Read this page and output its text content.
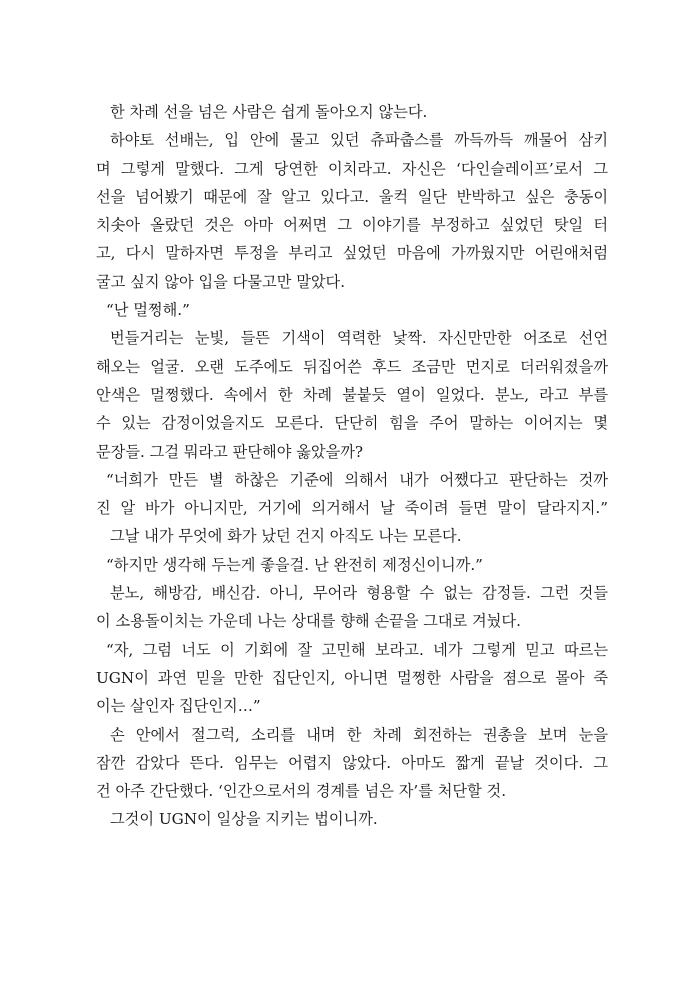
한 차례 선을 넘은 사람은 쉽게 돌아오지 않는다.
하야토 선배는, 입 안에 물고 있던 츄파춥스를 까득까득 깨물어 삼키
며 그렇게 말했다. 그게 당연한 이치라고. 자신은 ‘다인슬레이프’로서 그
선을 넘어봤기 때문에 잘 알고 있다고. 울컥 일단 반박하고 싶은 충동이
치솟아 올랐던 것은 아마 어쩌면 그 이야기를 부정하고 싶었던 탓일 터
고, 다시 말하자면 투정을 부리고 싶었던 마음에 가까웠지만 어린애처럼
굴고 싶지 않아 입을 다물고만 말았다.
“난 멀쩡해.”
번들거리는 눈빛, 들뜬 기색이 역력한 낯짝. 자신만만한 어조로 선언
해오는 얼굴. 오랜 도주에도 뒤집어쓴 후드 조금만 먼지로 더러워졌을까
안색은 멀쩡했다. 속에서 한 차례 불붙듯 열이 일었다. 분노, 라고 부를
수 있는 감정이었을지도 모른다. 단단히 힘을 주어 말하는 이어지는 몇
문장들. 그걸 뭐라고 판단해야 옳았을까?
“너희가 만든 별 하찮은 기준에 의해서 내가 어쨌다고 판단하는 것까
진 알 바가 아니지만, 거기에 의거해서 날 죽이려 들면 말이 달라지지.”
그날 내가 무엇에 화가 났던 건지 아직도 나는 모른다.
“하지만 생각해 두는게 좋을걸. 난 완전히 제정신이니까.”
분노, 해방감, 배신감. 아니, 무어라 형용할 수 없는 감정들. 그런 것들
이 소용돌이치는 가운데 나는 상대를 향해 손끝을 그대로 겨눴다.
“자, 그럼 너도 이 기회에 잘 고민해 보라고. 네가 그렇게 믿고 따르는
UGN이 과연 믿을 만한 집단인지, 아니면 멀쩡한 사람을 졈으로 몰아 죽
이는 살인자 집단인지…”
손 안에서 절그럭, 소리를 내며 한 차례 회전하는 권총을 보며 눈을
잠깐 감았다 뜬다. 임무는 어렵지 않았다. 아마도 짧게 끝날 것이다. 그
건 아주 간단했다. ‘인간으로서의 경계를 넘은 자’를 처단할 것.
그것이 UGN이 일상을 지키는 법이니까.
